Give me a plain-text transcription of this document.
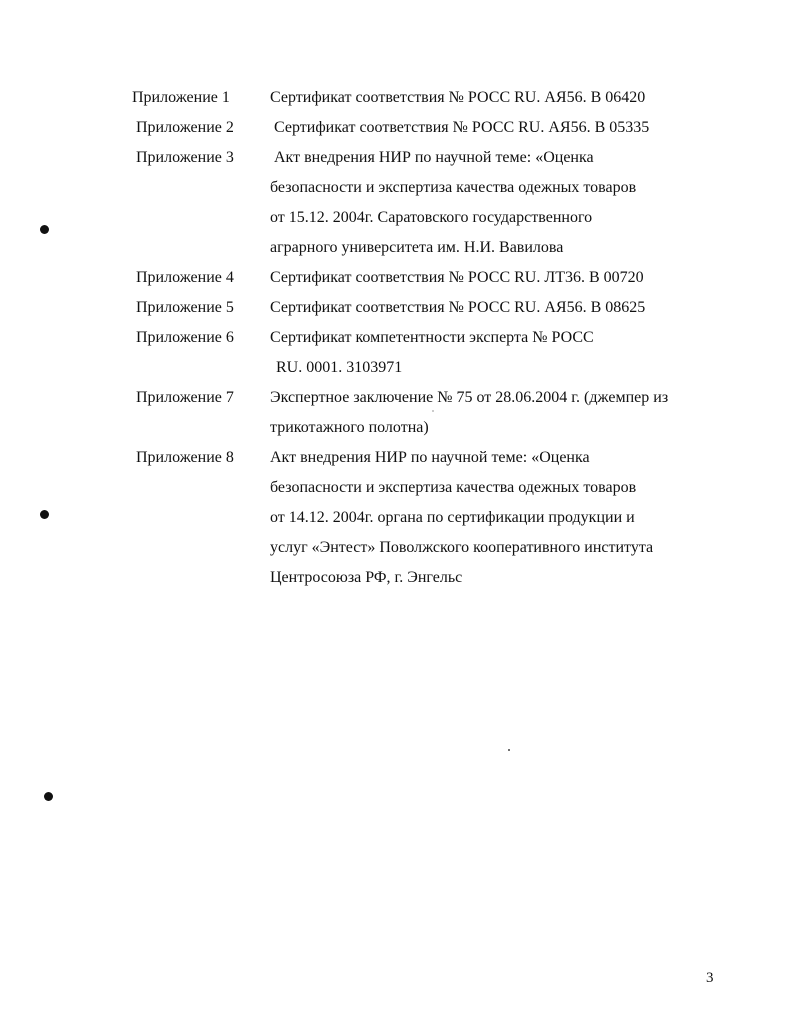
Приложение 1	Сертификат соответствия № РОСС RU. АЯ56. В 06420
Приложение 2	Сертификат соответствия № РОСС RU. АЯ56. В 05335
Приложение 3	Акт внедрения НИР по научной теме: «Оценка
безопасности и экспертиза качества одежных товаров
от 15.12. 2004г. Саратовского государственного
аграрного университета им. Н.И. Вавилова
Приложение 4 Сертификат соответствия № РОСС RU. ЛТ36. В 00720
Приложение 5 Сертификат соответствия № РОСС RU. АЯ56. В 08625
Приложение 6 Сертификат компетентности эксперта № РОСС
RU. 0001. 3103971
Приложение 7 Экспертное заключение № 75 от 28.06.2004 г. (джемпер из
трикотажного полотна)
Приложение 8 Акт внедрения НИР по научной теме: «Оценка
безопасности и экспертиза качества одежных товаров
от 14.12. 2004г. органа по сертификации продукции и
услуг «Энтест» Поволжского кооперативного института
Центросоюза РФ, г. Энгельс
3
